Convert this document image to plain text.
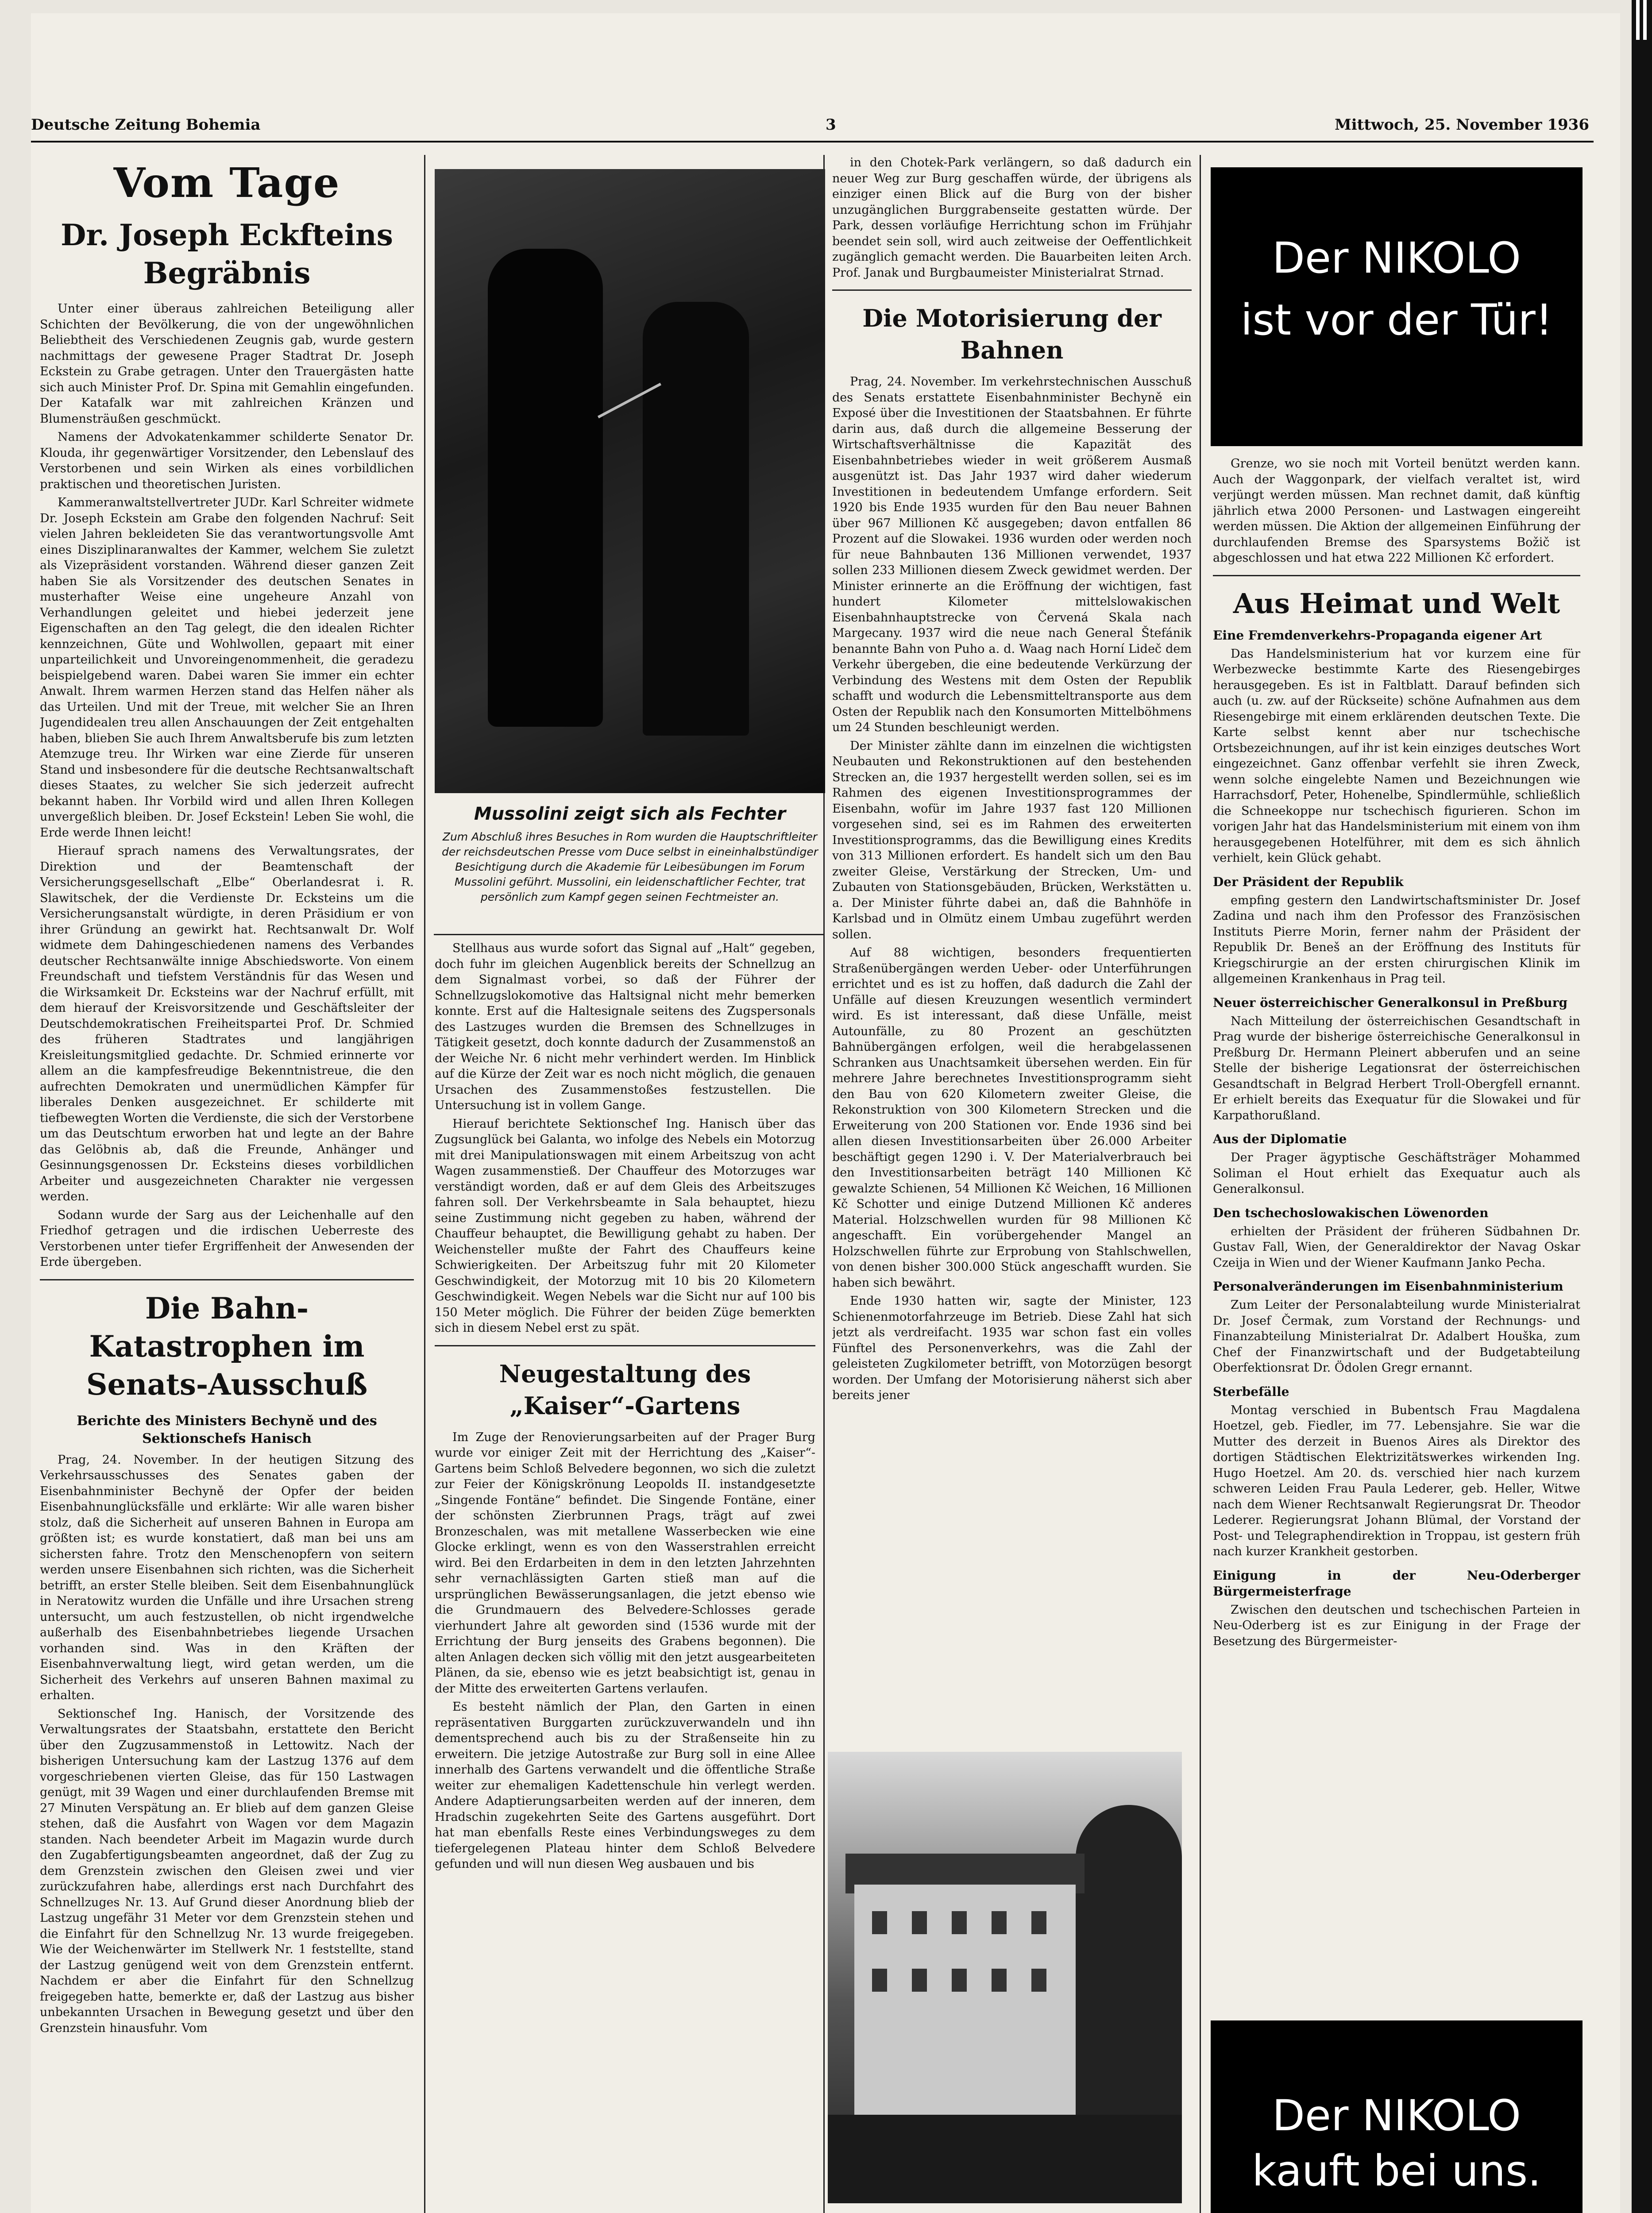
Deutsche Zeitung Bohemia	3	Mittwoch, 25. November 1936
Vom Tage
Dr. Joseph Eckfteins Begräbnis

Unter einer überaus zahlreichen Beteiligung aller Schichten der Bevölkerung, die von der ungewöhnlichen Beliebtheit des Verschiedenen Zeugnis gab, wurde gestern nachmittags der gewesene Prager Stadtrat Dr. Joseph Eckstein zu Grabe getragen. Unter den Trauergästen hatte sich auch Minister Prof. Dr. Spina mit Gemahlin eingefunden. Der Katafalk war mit zahlreichen Kränzen und Blumensträußen geschmückt.

Namens der Advokatenkammer schilderte Senator Dr. Klouda, ihr gegenwärtiger Vorsitzender, den Lebenslauf des Verstorbenen und sein Wirken als eines vorbildlichen praktischen und theoretischen Juristen.

Kammeranwaltstellvertreter JUDr. Karl Schreiter widmete Dr. Joseph Eckstein am Grabe den folgenden Nachruf: Seit vielen Jahren bekleideten Sie das verantwortungsvolle Amt eines Disziplinaranwaltes der Kammer, welchem Sie zuletzt als Vizepräsident vorstanden. Während dieser ganzen Zeit haben Sie als Vorsitzender des deutschen Senates in musterhafter Weise eine ungeheure Anzahl von Verhandlungen geleitet und hiebei jederzeit jene Eigenschaften an den Tag gelegt, die den idealen Richter kennzeichnen, Güte und Wohlwollen, gepaart mit einer unparteilichkeit und Unvoreingenommenheit, die geradezu beispielgebend waren. Dabei waren Sie immer ein echter Anwalt. Ihrem warmen Herzen stand das Helfen näher als das Urteilen. Und mit der Treue, mit welcher Sie an Ihren Jugendidealen treu allen Anschauungen der Zeit entgehalten haben, blieben Sie auch Ihrem Anwaltsberufe bis zum letzten Atemzuge treu. Ihr Wirken war eine Zierde für unseren Stand und insbesondere für die deutsche Rechtsanwaltschaft dieses Staates, zu welcher Sie sich jederzeit aufrecht bekannt haben. Ihr Vorbild wird und allen Ihren Kollegen unvergeßlich bleiben. Dr. Josef Eckstein! Leben Sie wohl, die Erde werde Ihnen leicht!

Hierauf sprach namens des Verwaltungsrates, der Direktion und der Beamtenschaft der Versicherungsgesellschaft „Elbe“ Oberlandesrat i. R. Slawitschek, der die Verdienste Dr. Ecksteins um die Versicherungsanstalt würdigte, in deren Präsidium er von ihrer Gründung an gewirkt hat. Rechtsanwalt Dr. Wolf widmete dem Dahingeschiedenen namens des Verbandes deutscher Rechtsanwälte innige Abschiedsworte. Von einem Freundschaft und tiefstem Verständnis für das Wesen und die Wirksamkeit Dr. Ecksteins war der Nachruf erfüllt, mit dem hierauf der Kreisvorsitzende und Geschäftsleiter der Deutschdemokratischen Freiheitspartei Prof. Dr. Schmied des früheren Stadtrates und langjährigen Kreisleitungsmitglied gedachte. Dr. Schmied erinnerte vor allem an die kampfesfreudige Bekenntnistreue, die den aufrechten Demokraten und unermüdlichen Kämpfer für liberales Denken ausgezeichnet. Er schilderte mit tiefbewegten Worten die Verdienste, die sich der Verstorbene um das Deutschtum erworben hat und legte an der Bahre das Gelöbnis ab, daß die Freunde, Anhänger und Gesinnungsgenossen Dr. Ecksteins dieses vorbildlichen Arbeiter und ausgezeichneten Charakter nie vergessen werden.

Sodann wurde der Sarg aus der Leichenhalle auf den Friedhof getragen und die irdischen Ueberreste des Verstorbenen unter tiefer Ergriffenheit der Anwesenden der Erde übergeben.

Die Bahn-Katastrophen im Senats-Ausschuß
Berichte des Ministers Bechyně und des Sektionschefs Hanisch

Prag, 24. November. In der heutigen Sitzung des Verkehrsausschusses des Senates gaben der Eisenbahnminister Bechyně der Opfer der beiden Eisenbahnunglücksfälle und erklärte: Wir alle waren bisher stolz, daß die Sicherheit auf unseren Bahnen in Europa am größten ist; es wurde konstatiert, daß man bei uns am sichersten fahre. Trotz den Menschenopfern von seitern werden unsere Eisenbahnen sich richten, was die Sicherheit betrifft, an erster Stelle bleiben. Seit dem Eisenbahnunglück in Neratowitz wurden die Unfälle und ihre Ursachen streng untersucht, um auch festzustellen, ob nicht irgendwelche außerhalb des Eisenbahnbetriebes liegende Ursachen vorhanden sind. Was in den Kräften der Eisenbahnverwaltung liegt, wird getan werden, um die Sicherheit des Verkehrs auf unseren Bahnen maximal zu erhalten.

Sektionschef Ing. Hanisch, der Vorsitzende des Verwaltungsrates der Staatsbahn, erstattete den Bericht über den Zugzusammenstoß in Lettowitz. Nach der bisherigen Untersuchung kam der Lastzug 1376 auf dem vorgeschriebenen vierten Gleise, das für 150 Lastwagen genügt, mit 39 Wagen und einer durchlaufenden Bremse mit 27 Minuten Verspätung an. Er blieb auf dem ganzen Gleise stehen, daß die Ausfahrt von Wagen vor dem Magazin standen. Nach beendeter Arbeit im Magazin wurde durch den Zugabfertigungsbeamten angeordnet, daß der Zug zu dem Grenzstein zwischen den Gleisen zwei und vier zurückzufahren habe, allerdings erst nach Durchfahrt des Schnellzuges Nr. 13. Auf Grund dieser Anordnung blieb der Lastzug ungefähr 31 Meter vor dem Grenzstein stehen und die Einfahrt für den Schnellzug Nr. 13 wurde freigegeben. Wie der Weichenwärter im Stellwerk Nr. 1 feststellte, stand der Lastzug genügend weit von dem Grenzstein entfernt. Nachdem er aber die Einfahrt für den Schnellzug freigegeben hatte, bemerkte er, daß der Lastzug aus bisher unbekannten Ursachen in Bewegung gesetzt und über den Grenzstein hinausfuhr. Vom

Mussolini zeigt sich als Fechter
Zum Abschluß ihres Besuches in Rom wurden die Hauptschriftleiter der reichsdeutschen Presse vom Duce selbst in eineinhalbstündiger Besichtigung durch die Akademie für Leibesübungen im Forum Mussolini geführt. Mussolini, ein leidenschaftlicher Fechter, trat persönlich zum Kampf gegen seinen Fechtmeister an.

Stellhaus aus wurde sofort das Signal auf „Halt“ gegeben, doch fuhr im gleichen Augenblick bereits der Schnellzug an dem Signalmast vorbei, so daß der Führer der Schnellzugslokomotive das Haltsignal nicht mehr bemerken konnte. Erst auf die Haltesignale seitens des Zugspersonals des Lastzuges wurden die Bremsen des Schnellzuges in Tätigkeit gesetzt, doch konnte dadurch der Zusammenstoß an der Weiche Nr. 6 nicht mehr verhindert werden. Im Hinblick auf die Kürze der Zeit war es noch nicht möglich, die genauen Ursachen des Zusammenstoßes festzustellen. Die Untersuchung ist in vollem Gange.

Hierauf berichtete Sektionschef Ing. Hanisch über das Zugsunglück bei Galanta, wo infolge des Nebels ein Motorzug mit drei Manipulationswagen mit einem Arbeitszug von acht Wagen zusammenstieß. Der Chauffeur des Motorzuges war verständigt worden, daß er auf dem Gleis des Arbeitszuges fahren soll. Der Verkehrsbeamte in Sala behauptet, hiezu seine Zustimmung nicht gegeben zu haben, während der Chauffeur behauptet, die Bewilligung gehabt zu haben. Der Weichensteller mußte der Fahrt des Chauffeurs keine Schwierigkeiten. Der Arbeitszug fuhr mit 20 Kilometer Geschwindigkeit, der Motorzug mit 10 bis 20 Kilometern Geschwindigkeit. Wegen Nebels war die Sicht nur auf 100 bis 150 Meter möglich. Die Führer der beiden Züge bemerkten sich in diesem Nebel erst zu spät.

Neugestaltung des „Kaiser“-Gartens

Im Zuge der Renovierungsarbeiten auf der Prager Burg wurde vor einiger Zeit mit der Herrichtung des „Kaiser“-Gartens beim Schloß Belvedere begonnen, wo sich die zuletzt zur Feier der Königskrönung Leopolds II. instandgesetzte „Singende Fontäne“ befindet. Die Singende Fontäne, einer der schönsten Zierbrunnen Prags, trägt auf zwei Bronzeschalen, was mit metallene Wasserbecken wie eine Glocke erklingt, wenn es von den Wasserstrahlen erreicht wird. Bei den Erdarbeiten in dem in den letzten Jahrzehnten sehr vernachlässigten Garten stieß man auf die ursprünglichen Bewässerungsanlagen, die jetzt ebenso wie die Grundmauern des Belvedere-Schlosses gerade vierhundert Jahre alt geworden sind (1536 wurde mit der Errichtung der Burg jenseits des Grabens begonnen). Die alten Anlagen decken sich völlig mit den jetzt ausgearbeiteten Plänen, da sie, ebenso wie es jetzt beabsichtigt ist, genau in der Mitte des erweiterten Gartens verlaufen.

Es besteht nämlich der Plan, den Garten in einen repräsentativen Burggarten zurückzuverwandeln und ihn dementsprechend auch bis zu der Straßenseite hin zu erweitern. Die jetzige Autostraße zur Burg soll in eine Allee innerhalb des Gartens verwandelt und die öffentliche Straße weiter zur ehemaligen Kadettenschule hin verlegt werden. Andere Adaptierungsarbeiten werden auf der inneren, dem Hradschin zugekehrten Seite des Gartens ausgeführt. Dort hat man ebenfalls Reste eines Verbindungsweges zu dem tiefergelegenen Plateau hinter dem Schloß Belvedere gefunden und will nun diesen Weg ausbauen und bis

in den Chotek-Park verlängern, so daß dadurch ein neuer Weg zur Burg geschaffen würde, der übrigens als einziger einen Blick auf die Burg von der bisher unzugänglichen Burggrabenseite gestatten würde. Der Park, dessen vorläufige Herrichtung schon im Frühjahr beendet sein soll, wird auch zeitweise der Oeffentlichkeit zugänglich gemacht werden. Die Bauarbeiten leiten Arch. Prof. Janak und Burgbaumeister Ministerialrat Strnad.

Die Motorisierung der Bahnen

Prag, 24. November. Im verkehrstechnischen Ausschuß des Senats erstattete Eisenbahnminister Bechyně ein Exposé über die Investitionen der Staatsbahnen. Er führte darin aus, daß durch die allgemeine Besserung der Wirtschaftsverhältnisse die Kapazität des Eisenbahnbetriebes wieder in weit größerem Ausmaß ausgenützt ist. Das Jahr 1937 wird daher wiederum Investitionen in bedeutendem Umfange erfordern. Seit 1920 bis Ende 1935 wurden für den Bau neuer Bahnen über 967 Millionen Kč ausgegeben; davon entfallen 86 Prozent auf die Slowakei. 1936 wurden oder werden noch für neue Bahnbauten 136 Millionen verwendet, 1937 sollen 233 Millionen diesem Zweck gewidmet werden. Der Minister erinnerte an die Eröffnung der wichtigen, fast hundert Kilometer mittelslowakischen Eisenbahnhauptstrecke von Červená Skala nach Margecany. 1937 wird die neue nach General Štefánik benannte Bahn von Puho a. d. Waag nach Horní Lideč dem Verkehr übergeben, die eine bedeutende Verkürzung der Verbindung des Westens mit dem Osten der Republik schafft und wodurch die Lebensmitteltransporte aus dem Osten der Republik nach den Konsumorten Mittelböhmens um 24 Stunden beschleunigt werden.

Der Minister zählte dann im einzelnen die wichtigsten Neubauten und Rekonstruktionen auf den bestehenden Strecken an, die 1937 hergestellt werden sollen, sei es im Rahmen des eigenen Investitionsprogrammes der Eisenbahn, wofür im Jahre 1937 fast 120 Millionen vorgesehen sind, sei es im Rahmen des erweiterten Investitionsprogramms, das die Bewilligung eines Kredits von 313 Millionen erfordert. Es handelt sich um den Bau zweiter Gleise, Verstärkung der Strecken, Um- und Zubauten von Stationsgebäuden, Brücken, Werkstätten u. a. Der Minister führte dabei an, daß die Bahnhöfe in Karlsbad und in Olmütz einem Umbau zugeführt werden sollen.

Auf 88 wichtigen, besonders frequentierten Straßenübergängen werden Ueber- oder Unterführungen errichtet und es ist zu hoffen, daß dadurch die Zahl der Unfälle auf diesen Kreuzungen wesentlich vermindert wird. Es ist interessant, daß diese Unfälle, meist Autounfälle, zu 80 Prozent an geschützten Bahnübergängen erfolgen, weil die herabgelassenen Schranken aus Unachtsamkeit übersehen werden. Ein für mehrere Jahre berechnetes Investitionsprogramm sieht den Bau von 620 Kilometern zweiter Gleise, die Rekonstruktion von 300 Kilometern Strecken und die Erweiterung von 200 Stationen vor. Ende 1936 sind bei allen diesen Investitionsarbeiten über 26.000 Arbeiter beschäftigt gegen 1290 i. V. Der Materialverbrauch bei den Investitionsarbeiten beträgt 140 Millionen Kč gewalzte Schienen, 54 Millionen Kč Weichen, 16 Millionen Kč Schotter und einige Dutzend Millionen Kč anderes Material. Holzschwellen wurden für 98 Millionen Kč angeschafft. Ein vorübergehender Mangel an Holzschwellen führte zur Erprobung von Stahlschwellen, von denen bisher 300.000 Stück angeschafft wurden. Sie haben sich bewährt.

Ende 1930 hatten wir, sagte der Minister, 123 Schienenmotorfahrzeuge im Betrieb. Diese Zahl hat sich jetzt als verdreifacht. 1935 war schon fast ein volles Fünftel des Personenverkehrs, was die Zahl der geleisteten Zugkilometer betrifft, von Motorzügen besorgt worden. Der Umfang der Motorisierung näherst sich aber bereits jener

Der NIKOLO
ist vor der Tür!

Grenze, wo sie noch mit Vorteil benützt werden kann. Auch der Waggonpark, der vielfach veraltet ist, wird verjüngt werden müssen. Man rechnet damit, daß künftig jährlich etwa 2000 Personen- und Lastwagen eingereiht werden müssen. Die Aktion der allgemeinen Einführung der durchlaufenden Bremse des Sparsystems Božič ist abgeschlossen und hat etwa 222 Millionen Kč erfordert.

Aus Heimat und Welt
Eine Fremdenverkehrs-Propaganda eigener Art

Das Handelsministerium hat vor kurzem eine für Werbezwecke bestimmte Karte des Riesengebirges herausgegeben. Es ist in Faltblatt. Darauf befinden sich auch (u. zw. auf der Rückseite) schöne Aufnahmen aus dem Riesengebirge mit einem erklärenden deutschen Texte. Die Karte selbst kennt aber nur tschechische Ortsbezeichnungen, auf ihr ist kein einziges deutsches Wort eingezeichnet. Ganz offenbar verfehlt sie ihren Zweck, wenn solche eingelebte Namen und Bezeichnungen wie Harrachsdorf, Peter, Hohenelbe, Spindlermühle, schließlich die Schneekoppe nur tschechisch figurieren. Schon im vorigen Jahr hat das Handelsministerium mit einem von ihm herausgegebenen Hotelführer, mit dem es sich ähnlich verhielt, kein Glück gehabt.

Der Präsident der Republik

empfing gestern den Landwirtschaftsminister Dr. Josef Zadina und nach ihm den Professor des Französischen Instituts Pierre Morin, ferner nahm der Präsident der Republik Dr. Beneš an der Eröffnung des Instituts für Kriegschirurgie an der ersten chirurgischen Klinik im allgemeinen Krankenhaus in Prag teil.

Neuer österreichischer Generalkonsul in Preßburg

Nach Mitteilung der österreichischen Gesandtschaft in Prag wurde der bisherige österreichische Generalkonsul in Preßburg Dr. Hermann Pleinert abberufen und an seine Stelle der bisherige Legationsrat der österreichischen Gesandtschaft in Belgrad Herbert Troll-Obergfell ernannt. Er erhielt bereits das Exequatur für die Slowakei und für Karpathorußland.

Aus der Diplomatie

Der Prager ägyptische Geschäftsträger Mohammed Soliman el Hout erhielt das Exequatur auch als Generalkonsul.

Den tschechoslowakischen Löwenorden

erhielten der Präsident der früheren Südbahnen Dr. Gustav Fall, Wien, der Generaldirektor der Navag Oskar Czeija in Wien und der Wiener Kaufmann Janko Pecha.

Personalveränderungen im Eisenbahnministerium

Zum Leiter der Personalabteilung wurde Ministerialrat Dr. Josef Čermak, zum Vorstand der Rechnungs- und Finanzabteilung Ministerialrat Dr. Adalbert Houška, zum Chef der Finanzwirtschaft und der Budgetabteilung Oberfektionsrat Dr. Ödolen Gregr ernannt.

Sterbefälle

Montag verschied in Bubentsch Frau Magdalena Hoetzel, geb. Fiedler, im 77. Lebensjahre. Sie war die Mutter des derzeit in Buenos Aires als Direktor des dortigen Städtischen Elektrizitätswerkes wirkenden Ing. Hugo Hoetzel. Am 20. ds. verschied hier nach kurzem schweren Leiden Frau Paula Lederer, geb. Heller, Witwe nach dem Wiener Rechtsanwalt Regierungsrat Dr. Theodor Lederer. Regierungsrat Johann Blümal, der Vorstand der Post- und Telegraphendirektion in Troppau, ist gestern früh nach kurzer Krankheit gestorben.

Einigung in der Neu-Oderberger Bürgermeisterfrage

Zwischen den deutschen und tschechischen Parteien in Neu-Oderberg ist es zur Einigung in der Frage der Besetzung des Bürgermeister-

Der NIKOLO
kauft bei uns.
